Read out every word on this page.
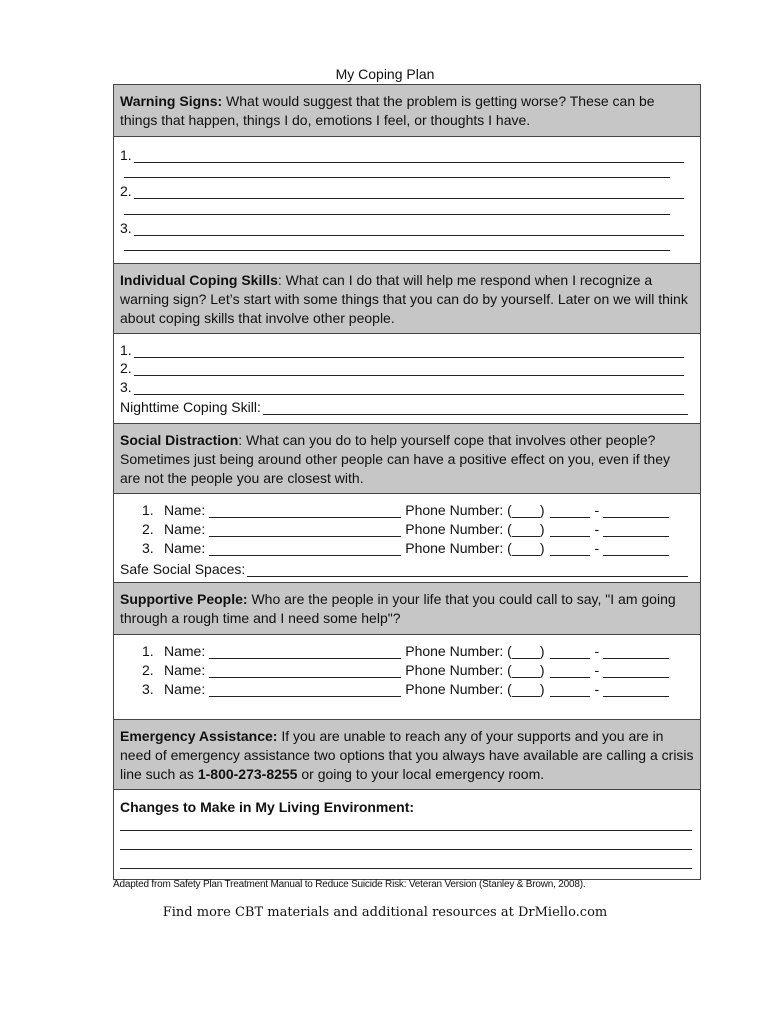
My Coping Plan
Warning Signs: What would suggest that the problem is getting worse? These can be things that happen, things I do, emotions I feel, or thoughts I have.
1.
2.
3.
Individual Coping Skills: What can I do that will help me respond when I recognize a warning sign? Let’s start with some things that you can do by yourself. Later on we will think about coping skills that involve other people.
1.
2.
3.
Nighttime Coping Skill:
Social Distraction: What can you do to help yourself cope that involves other people? Sometimes just being around other people can have a positive effect on you, even if they are not the people you are closest with.
Safe Social Spaces:
1. Name:	Phone Number: ( )	-
2. Name:	Phone Number: ( )	-
3. Name:	Phone Number: ( )	-
Supportive People: Who are the people in your life that you could call to say, "I am going through a rough time and I need some help"?
1. Name:	Phone Number: ( )	-
2. Name:	Phone Number: ( )	-
3. Name:	Phone Number: ( )	-
Emergency Assistance: If you are unable to reach any of your supports and you are in need of emergency assistance two options that you always have available are calling a crisis line such as 1-800-273-8255 or going to your local emergency room.
Changes to Make in My Living Environment:
Adapted from Safety Plan Treatment Manual to Reduce Suicide Risk: Veteran Version (Stanley & Brown, 2008).
Find more CBT materials and additional resources at DrMiello.com
